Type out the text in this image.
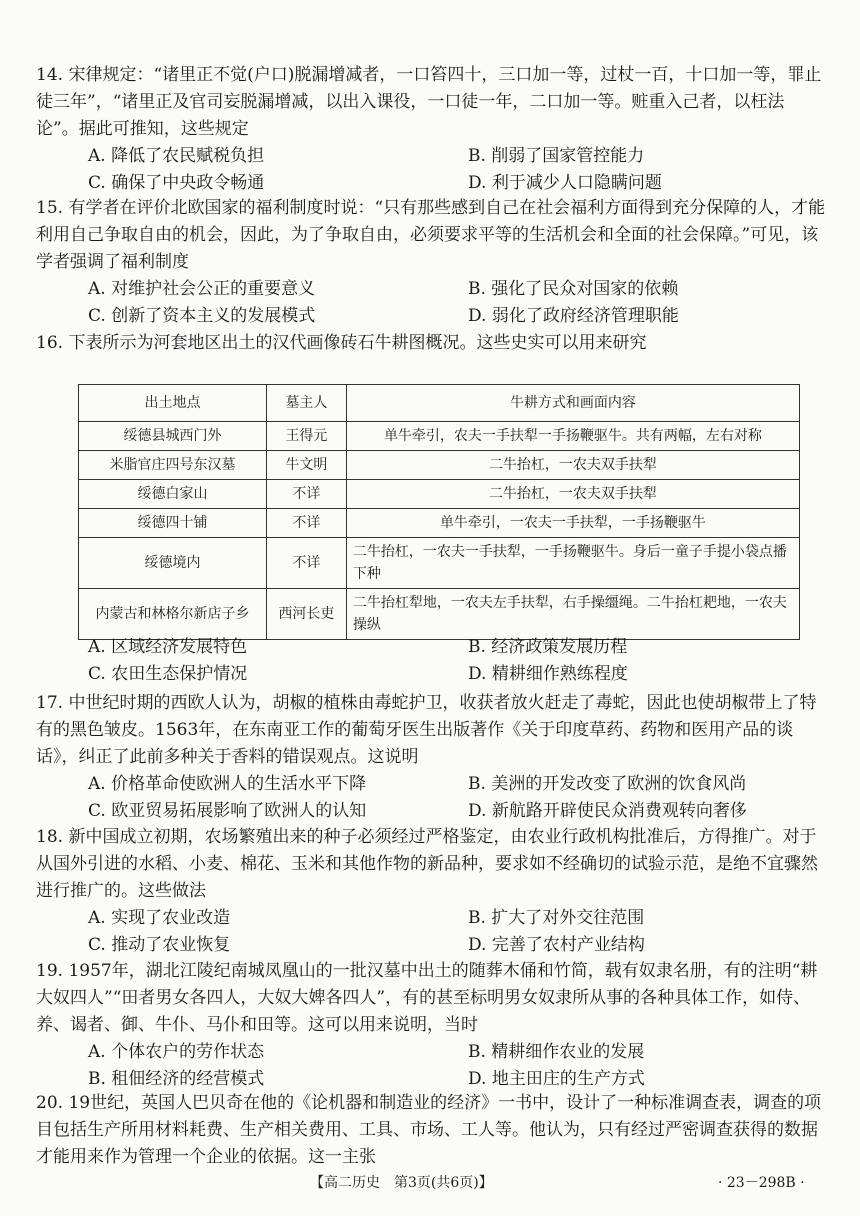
14. 宋律规定：“诸里正不觉(户口)脱漏增减者，一口笞四十，三口加一等，过杖一百，十口加一等，罪止徒三年”，“诸里正及官司妄脱漏增减，以出入课役，一口徒一年，二口加一等。赃重入己者，以枉法论”。据此可推知，这些规定
A. 降低了农民赋税负担	B. 削弱了国家管控能力
C. 确保了中央政令畅通	D. 利于减少人口隐瞒问题
15. 有学者在评价北欧国家的福利制度时说：“只有那些感到自己在社会福利方面得到充分保障的人，才能利用自己争取自由的机会，因此，为了争取自由，必须要求平等的生活机会和全面的社会保障。”可见，该学者强调了福利制度
A. 对维护社会公正的重要意义	B. 强化了民众对国家的依赖
C. 创新了资本主义的发展模式	D. 弱化了政府经济管理职能
16. 下表所示为河套地区出土的汉代画像砖石牛耕图概况。这些史实可以用来研究
出土地点	墓主人	牛耕方式和画面内容
绥德县城西门外	王得元	单牛牵引，农夫一手扶犁一手扬鞭驱牛。共有两幅，左右对称
米脂官庄四号东汉墓	牛文明	二牛抬杠，一农夫双手扶犁
绥德白家山	不详	二牛抬杠，一农夫双手扶犁
绥德四十铺	不详	单牛牵引，一农夫一手扶犁，一手扬鞭驱牛
绥德境内	不详	二牛抬杠，一农夫一手扶犁，一手扬鞭驱牛。身后一童子手提小袋点播下种
内蒙古和林格尔新店子乡	西河长吏	二牛抬杠犁地，一农夫左手扶犁，右手操缰绳。二牛抬杠耙地，一农夫操纵
A. 区域经济发展特色	B. 经济政策发展历程
C. 农田生态保护情况	D. 精耕细作熟练程度
17. 中世纪时期的西欧人认为，胡椒的植株由毒蛇护卫，收获者放火赶走了毒蛇，因此也使胡椒带上了特有的黑色皱皮。1563年，在东南亚工作的葡萄牙医生出版著作《关于印度草药、药物和医用产品的谈话》，纠正了此前多种关于香料的错误观点。这说明
A. 价格革命使欧洲人的生活水平下降	B. 美洲的开发改变了欧洲的饮食风尚
C. 欧亚贸易拓展影响了欧洲人的认知	D. 新航路开辟使民众消费观转向奢侈
18. 新中国成立初期，农场繁殖出来的种子必须经过严格鉴定，由农业行政机构批准后，方得推广。对于从国外引进的水稻、小麦、棉花、玉米和其他作物的新品种，要求如不经确切的试验示范，是绝不宜骤然进行推广的。这些做法
A. 实现了农业改造	B. 扩大了对外交往范围
C. 推动了农业恢复	D. 完善了农村产业结构
19. 1957年，湖北江陵纪南城凤凰山的一批汉墓中出土的随葬木俑和竹简，载有奴隶名册，有的注明“耕大奴四人”“田者男女各四人，大奴大婢各四人”，有的甚至标明男女奴隶所从事的各种具体工作，如侍、养、谒者、御、牛仆、马仆和田等。这可以用来说明，当时
A. 个体农户的劳作状态	B. 精耕细作农业的发展
B. 租佃经济的经营模式	D. 地主田庄的生产方式
20. 19世纪，英国人巴贝奇在他的《论机器和制造业的经济》一书中，设计了一种标准调查表，调查的项目包括生产所用材料耗费、生产相关费用、工具、市场、工人等。他认为，只有经过严密调查获得的数据才能用来作为管理一个企业的依据。这一主张
【高二历史　第3页(共6页)】	· 23－298B ·
